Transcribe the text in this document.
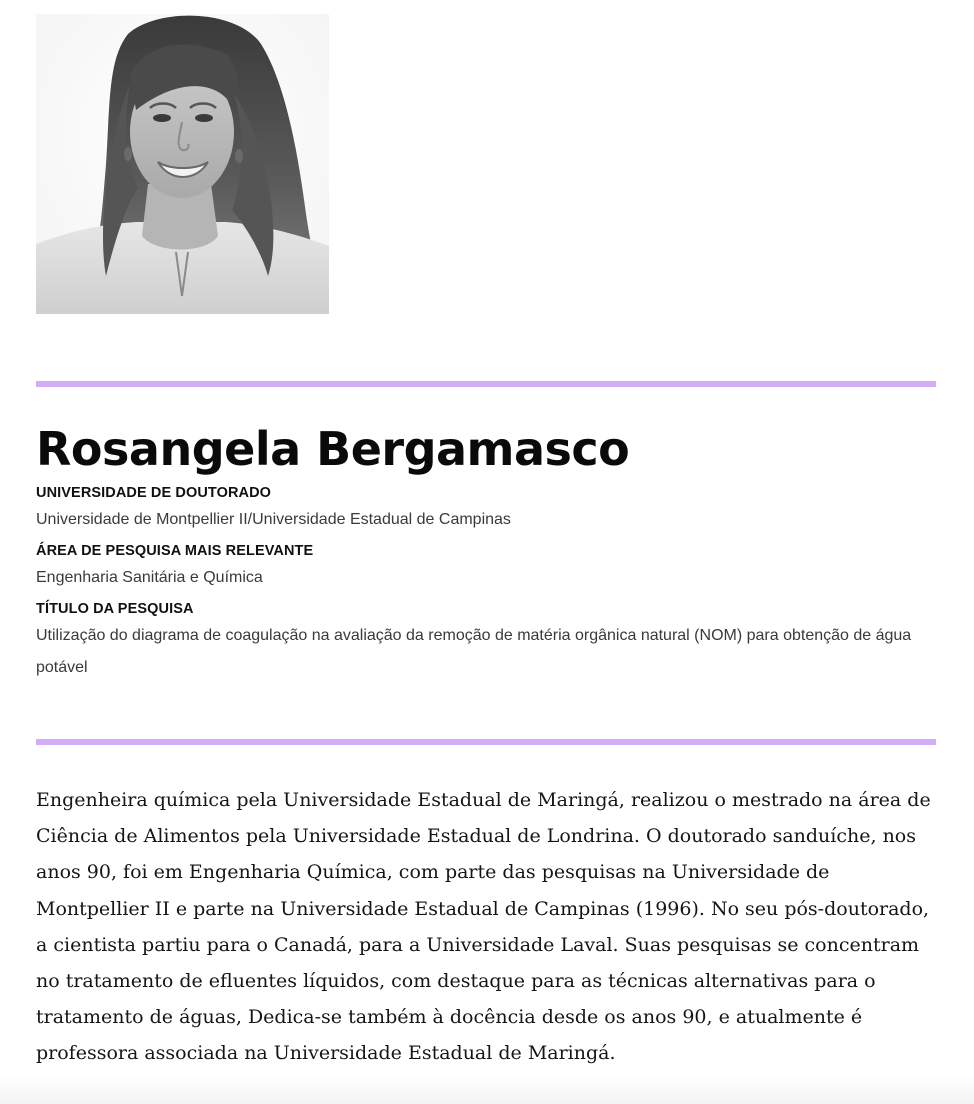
Rosangela Bergamasco
UNIVERSIDADE DE DOUTORADO
Universidade de Montpellier II/Universidade Estadual de Campinas
ÁREA DE PESQUISA MAIS RELEVANTE
Engenharia Sanitária e Química
TÍTULO DA PESQUISA
Utilização do diagrama de coagulação na avaliação da remoção de matéria orgânica natural (NOM) para obtenção de água potável

Engenheira química pela Universidade Estadual de Maringá, realizou o mestrado na área de Ciência de Alimentos pela Universidade Estadual de Londrina. O doutorado sanduíche, nos anos 90, foi em Engenharia Química, com parte das pesquisas na Universidade de Montpellier II e parte na Universidade Estadual de Campinas (1996). No seu pós-doutorado, a cientista partiu para o Canadá, para a Universidade Laval. Suas pesquisas se concentram no tratamento de efluentes líquidos, com destaque para as técnicas alternativas para o tratamento de águas, Dedica-se também à docência desde os anos 90, e atualmente é professora associada na Universidade Estadual de Maringá.
